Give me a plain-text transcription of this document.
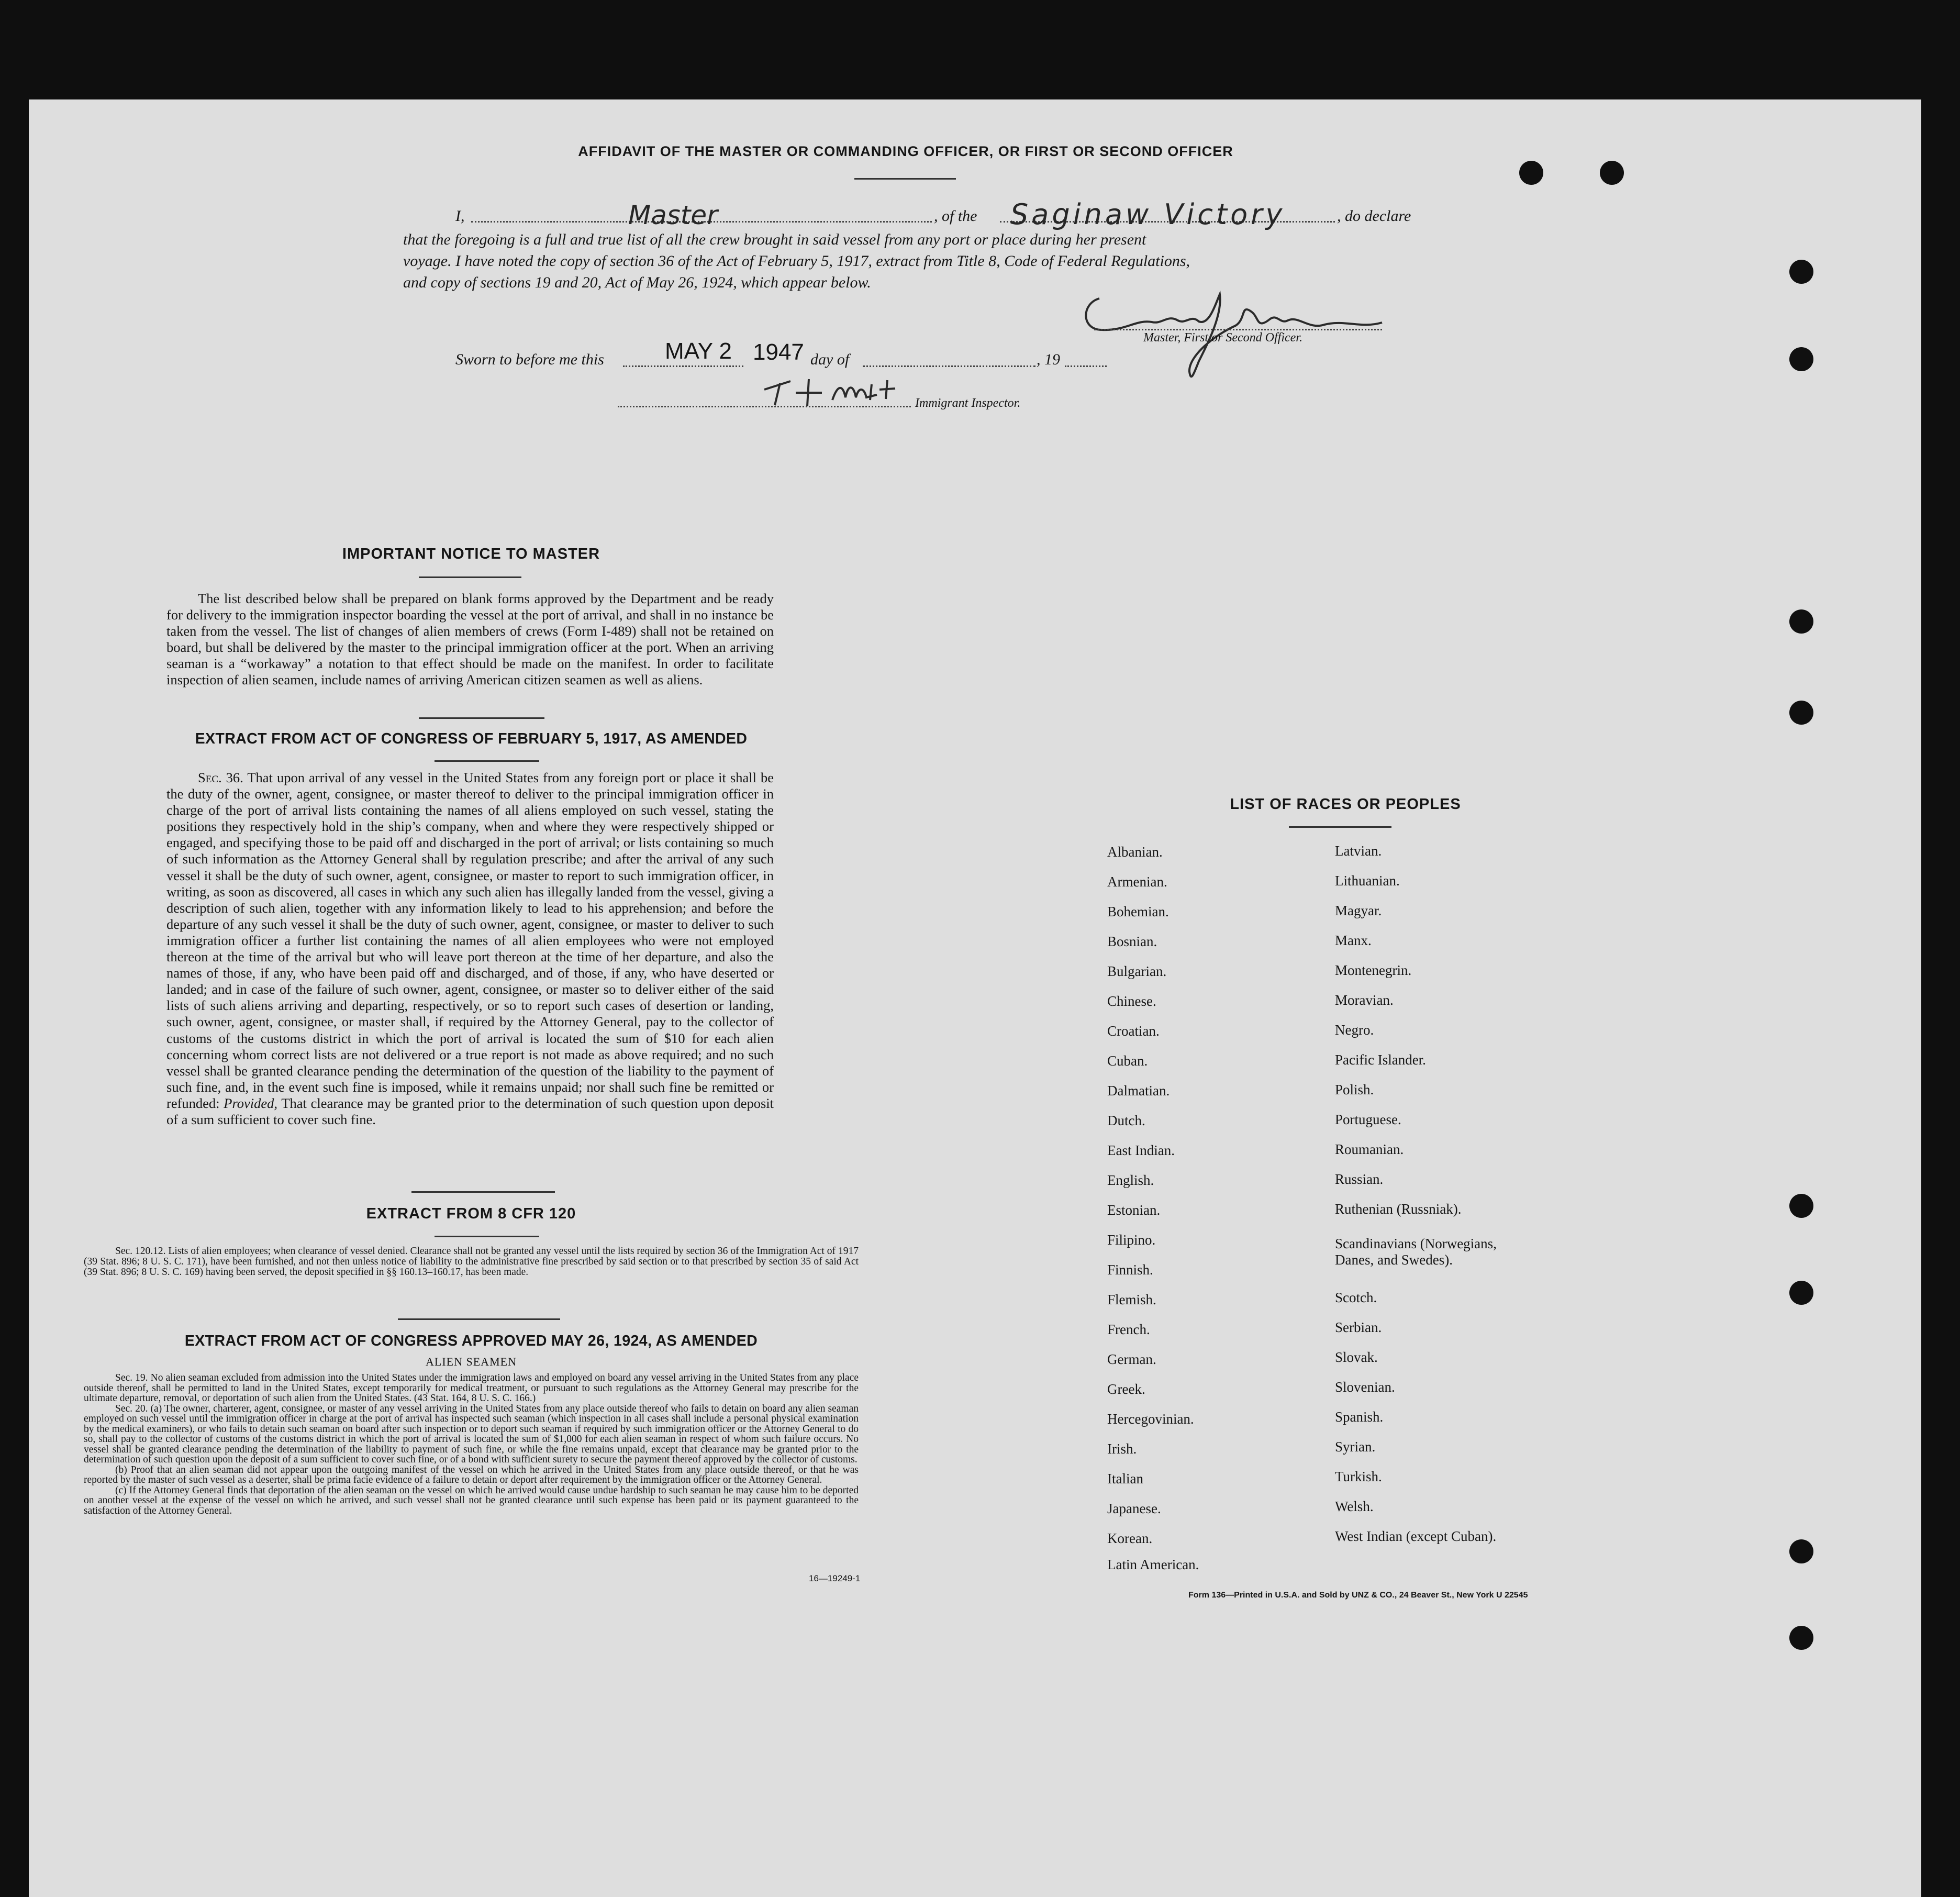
AFFIDAVIT OF THE MASTER OR COMMANDING OFFICER, OR FIRST OR SECOND OFFICER
I,	Master	, of the Saginaw Victory	, do declare
that the foregoing is a full and true list of all the crew brought in said vessel from any port or place during her present
voyage. I have noted the copy of section 36 of the Act of February 5, 1917, extract from Title 8, Code of Federal Regulations,
and copy of sections 19 and 20, Act of May 26, 1924, which appear below.
Master, First or Second Officer.
Sworn to before me this	MAY 2 1947 day of	, 19
Immigrant Inspector.
IMPORTANT NOTICE TO MASTER
The list described below shall be prepared on blank forms approved by the Department and be ready for delivery to the immigration inspector boarding the vessel at the port of arrival, and shall in no instance be taken from the vessel. The list of changes of alien members of crews (Form I-489) shall not be retained on board, but shall be delivered by the master to the principal immigration officer at the port. When an arriving seaman is a “workaway” a notation to that effect should be made on the manifest. In order to facilitate inspection of alien seamen, include names of arriving American citizen seamen as well as aliens.
EXTRACT FROM ACT OF CONGRESS OF FEBRUARY 5, 1917, AS AMENDED
Sec. 36. That upon arrival of any vessel in the United States from any foreign port or place it shall be the duty of the owner, agent, consignee, or master thereof to deliver to the principal immigration officer in charge of the port of arrival lists containing the names of all aliens employed on such vessel, stating the positions they respectively hold in the ship’s company, when and where they were respectively shipped or engaged, and specifying those to be paid off and discharged in the port of arrival; or lists containing so much of such information as the Attorney General shall by regulation prescribe; and after the arrival of any such vessel it shall be the duty of such owner, agent, consignee, or master to report to such immigration officer, in writing, as soon as discovered, all cases in which any such alien has illegally landed from the vessel, giving a description of such alien, together with any information likely to lead to his apprehension; and before the departure of any such vessel it shall be the duty of such owner, agent, consignee, or master to deliver to such immigration officer a further list containing the names of all alien employees who were not employed thereon at the time of the arrival but who will leave port thereon at the time of her departure, and also the names of those, if any, who have been paid off and discharged, and of those, if any, who have deserted or landed; and in case of the failure of such owner, agent, consignee, or master so to deliver either of the said lists of such aliens arriving and departing, respectively, or so to report such cases of desertion or landing, such owner, agent, consignee, or master shall, if required by the Attorney General, pay to the collector of customs of the customs district in which the port of arrival is located the sum of $10 for each alien concerning whom correct lists are not delivered or a true report is not made as above required; and no such vessel shall be granted clearance pending the determination of the question of the liability to the payment of such fine, and, in the event such fine is imposed, while it remains unpaid; nor shall such fine be remitted or refunded: Provided, That clearance may be granted prior to the determination of such question upon deposit of a sum sufficient to cover such fine.
EXTRACT FROM 8 CFR 120
Sec. 120.12. Lists of alien employees; when clearance of vessel denied. Clearance shall not be granted any vessel until the lists required by section 36 of the Immigration Act of 1917 (39 Stat. 896; 8 U. S. C. 171), have been furnished, and not then unless notice of liability to the administrative fine prescribed by said section or to that prescribed by section 35 of said Act (39 Stat. 896; 8 U. S. C. 169) having been served, the deposit specified in §§ 160.13–160.17, has been made.
EXTRACT FROM ACT OF CONGRESS APPROVED MAY 26, 1924, AS AMENDED
ALIEN SEAMEN
Sec. 19. No alien seaman excluded from admission into the United States under the immigration laws and employed on board any vessel arriving in the United States from any place outside thereof, shall be permitted to land in the United States, except temporarily for medical treatment, or pursuant to such regulations as the Attorney General may prescribe for the ultimate departure, removal, or deportation of such alien from the United States. (43 Stat. 164, 8 U. S. C. 166.)
Sec. 20. (a) The owner, charterer, agent, consignee, or master of any vessel arriving in the United States from any place outside thereof who fails to detain on board any alien seaman employed on such vessel until the immigration officer in charge at the port of arrival has inspected such seaman (which inspection in all cases shall include a personal physical examination by the medical examiners), or who fails to detain such seaman on board after such inspection or to deport such seaman if required by such immigration officer or the Attorney General to do so, shall pay to the collector of customs of the customs district in which the port of arrival is located the sum of $1,000 for each alien seaman in respect of whom such failure occurs. No vessel shall be granted clearance pending the determination of the liability to payment of such fine, or while the fine remains unpaid, except that clearance may be granted prior to the determination of such question upon the deposit of a sum sufficient to cover such fine, or of a bond with sufficient surety to secure the payment thereof approved by the collector of customs.
(b) Proof that an alien seaman did not appear upon the outgoing manifest of the vessel on which he arrived in the United States from any place outside thereof, or that he was reported by the master of such vessel as a deserter, shall be prima facie evidence of a failure to detain or deport after requirement by the immigration officer or the Attorney General.
(c) If the Attorney General finds that deportation of the alien seaman on the vessel on which he arrived would cause undue hardship to such seaman he may cause him to be deported on another vessel at the expense of the vessel on which he arrived, and such vessel shall not be granted clearance until such expense has been paid or its payment guaranteed to the satisfaction of the Attorney General.
16—19249-1
LIST OF RACES OR PEOPLES
Albanian.
Armenian.
Bohemian.
Bosnian.
Bulgarian.
Chinese.
Croatian.
Cuban.
Dalmatian.
Dutch.
East Indian.
English.
Estonian.
Filipino.
Finnish.
Flemish.
French.
German.
Greek.
Hercegovinian.
Irish.
Italian
Japanese.
Korean.
Latin American.
Latvian.
Lithuanian.
Magyar.
Manx.
Montenegrin.
Moravian.
Negro.
Pacific Islander.
Polish.
Portuguese.
Roumanian.
Russian.
Ruthenian (Russniak).
Scandinavians (Norwegians,
Danes, and Swedes).
Scotch.
Serbian.
Slovak.
Slovenian.
Spanish.
Syrian.
Turkish.
Welsh.
West Indian (except Cuban).
Form 136—Printed in U.S.A. and Sold by UNZ & CO., 24 Beaver St., New York U 22545
